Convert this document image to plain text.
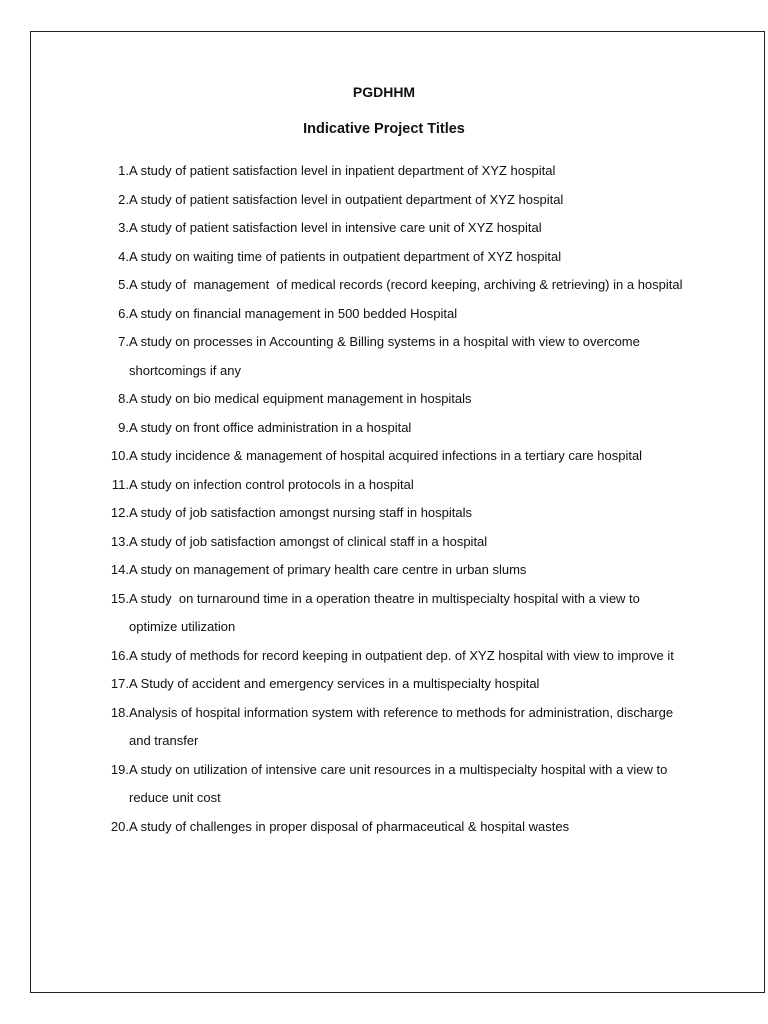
PGDHHM
Indicative Project Titles
1. A study of patient satisfaction level in inpatient department of XYZ hospital
2. A study of patient satisfaction level in outpatient department of XYZ hospital
3. A study of patient satisfaction level in intensive care unit of XYZ hospital
4. A study on waiting time of patients in outpatient department of XYZ hospital
5. A study of  management  of medical records (record keeping, archiving & retrieving) in a hospital
6. A study on financial management in 500 bedded Hospital
7. A study on processes in Accounting & Billing systems in a hospital with view to overcome shortcomings if any
8. A study on bio medical equipment management in hospitals
9. A study on front office administration in a hospital
10. A study incidence & management of hospital acquired infections in a tertiary care hospital
11. A study on infection control protocols in a hospital
12. A study of job satisfaction amongst nursing staff in hospitals
13. A study of job satisfaction amongst of clinical staff in a hospital
14. A study on management of primary health care centre in urban slums
15. A study  on turnaround time in a operation theatre in multispecialty hospital with a view to optimize utilization
16. A study of methods for record keeping in outpatient dep. of XYZ hospital with view to improve it
17. A Study of accident and emergency services in a multispecialty hospital
18. Analysis of hospital information system with reference to methods for administration, discharge and transfer
19. A study on utilization of intensive care unit resources in a multispecialty hospital with a view to reduce unit cost
20. A study of challenges in proper disposal of pharmaceutical & hospital wastes
